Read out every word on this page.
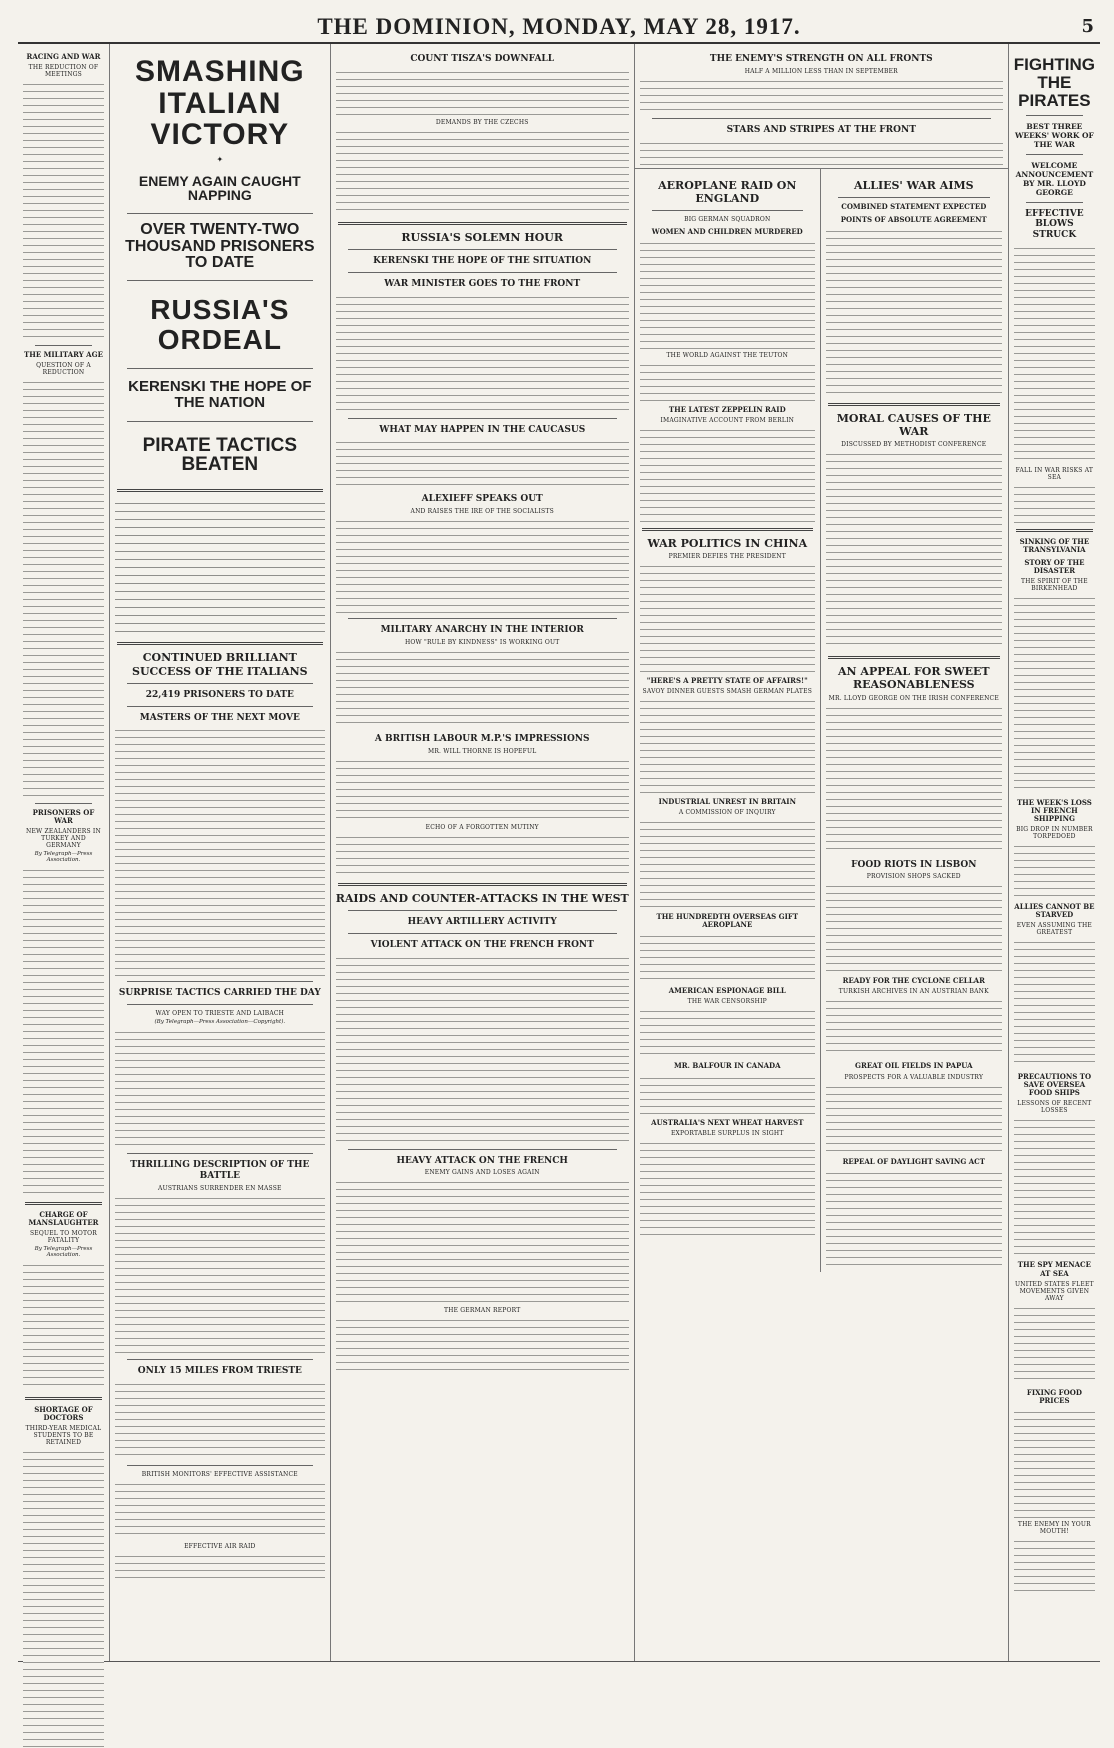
THE DOMINION, MONDAY, MAY 28, 1917.	5
RACING AND WAR
THE REDUCTION OF MEETINGS
THE MILITARY AGE
QUESTION OF A REDUCTION
PRISONERS OF WAR
NEW ZEALANDERS IN TURKEY AND GERMANY
By Telegraph—Press Association.
CHARGE OF MANSLAUGHTER
SEQUEL TO MOTOR FATALITY
By Telegraph—Press Association.
SHORTAGE OF DOCTORS
THIRD-YEAR MEDICAL STUDENTS TO BE RETAINED
SMASHING ITALIAN VICTORY
✦
ENEMY AGAIN CAUGHT NAPPING
OVER TWENTY-TWO THOUSAND PRISONERS TO DATE
RUSSIA'S ORDEAL
KERENSKI THE HOPE OF THE NATION
PIRATE TACTICS BEATEN
CONTINUED BRILLIANT SUCCESS OF THE ITALIANS
22,419 PRISONERS TO DATE
MASTERS OF THE NEXT MOVE
SURPRISE TACTICS CARRIED THE DAY
WAY OPEN TO TRIESTE AND LAIBACH
(By Telegraph—Press Association—Copyright).
THRILLING DESCRIPTION OF THE BATTLE
AUSTRIANS SURRENDER EN MASSE
ONLY 15 MILES FROM TRIESTE
BRITISH MONITORS' EFFECTIVE ASSISTANCE
EFFECTIVE AIR RAID
COUNT TISZA'S DOWNFALL
DEMANDS BY THE CZECHS
RUSSIA'S SOLEMN HOUR
KERENSKI THE HOPE OF THE SITUATION
WAR MINISTER GOES TO THE FRONT
WHAT MAY HAPPEN IN THE CAUCASUS
ALEXIEFF SPEAKS OUT
AND RAISES THE IRE OF THE SOCIALISTS
MILITARY ANARCHY IN THE INTERIOR
HOW "RULE BY KINDNESS" IS WORKING OUT
A BRITISH LABOUR M.P.'S IMPRESSIONS
MR. WILL THORNE IS HOPEFUL
ECHO OF A FORGOTTEN MUTINY
RAIDS AND COUNTER-ATTACKS IN THE WEST
HEAVY ARTILLERY ACTIVITY
VIOLENT ATTACK ON THE FRENCH FRONT
HEAVY ATTACK ON THE FRENCH
ENEMY GAINS AND LOSES AGAIN
THE GERMAN REPORT
THE ENEMY'S STRENGTH ON ALL FRONTS
HALF A MILLION LESS THAN IN SEPTEMBER
STARS AND STRIPES AT THE FRONT
AEROPLANE RAID ON ENGLAND
BIG GERMAN SQUADRON
WOMEN AND CHILDREN MURDERED
THE WORLD AGAINST THE TEUTON
THE LATEST ZEPPELIN RAID
IMAGINATIVE ACCOUNT FROM BERLIN
WAR POLITICS IN CHINA
PREMIER DEFIES THE PRESIDENT
"HERE'S A PRETTY STATE OF AFFAIRS!"
SAVOY DINNER GUESTS SMASH GERMAN PLATES
INDUSTRIAL UNREST IN BRITAIN
A COMMISSION OF INQUIRY
THE HUNDREDTH OVERSEAS GIFT AEROPLANE
AMERICAN ESPIONAGE BILL
THE WAR CENSORSHIP
MR. BALFOUR IN CANADA
AUSTRALIA'S NEXT WHEAT HARVEST
EXPORTABLE SURPLUS IN SIGHT
ALLIES' WAR AIMS
COMBINED STATEMENT EXPECTED
POINTS OF ABSOLUTE AGREEMENT
MORAL CAUSES OF THE WAR
DISCUSSED BY METHODIST CONFERENCE
AN APPEAL FOR SWEET REASONABLENESS
MR. LLOYD GEORGE ON THE IRISH CONFERENCE
FOOD RIOTS IN LISBON
PROVISION SHOPS SACKED
READY FOR THE CYCLONE CELLAR
TURKISH ARCHIVES IN AN AUSTRIAN BANK
GREAT OIL FIELDS IN PAPUA
PROSPECTS FOR A VALUABLE INDUSTRY
REPEAL OF DAYLIGHT SAVING ACT
FIGHTING THE PIRATES
BEST THREE WEEKS' WORK OF THE WAR
WELCOME ANNOUNCEMENT BY MR. LLOYD GEORGE
EFFECTIVE BLOWS STRUCK
FALL IN WAR RISKS AT SEA
SINKING OF THE TRANSYLVANIA
STORY OF THE DISASTER
THE SPIRIT OF THE BIRKENHEAD
THE WEEK'S LOSS IN FRENCH SHIPPING
BIG DROP IN NUMBER TORPEDOED
ALLIES CANNOT BE STARVED
EVEN ASSUMING THE GREATEST
PRECAUTIONS TO SAVE OVERSEA FOOD SHIPS
LESSONS OF RECENT LOSSES
THE SPY MENACE AT SEA
UNITED STATES FLEET MOVEMENTS GIVEN AWAY
FIXING FOOD PRICES
THE ENEMY IN YOUR MOUTH!
